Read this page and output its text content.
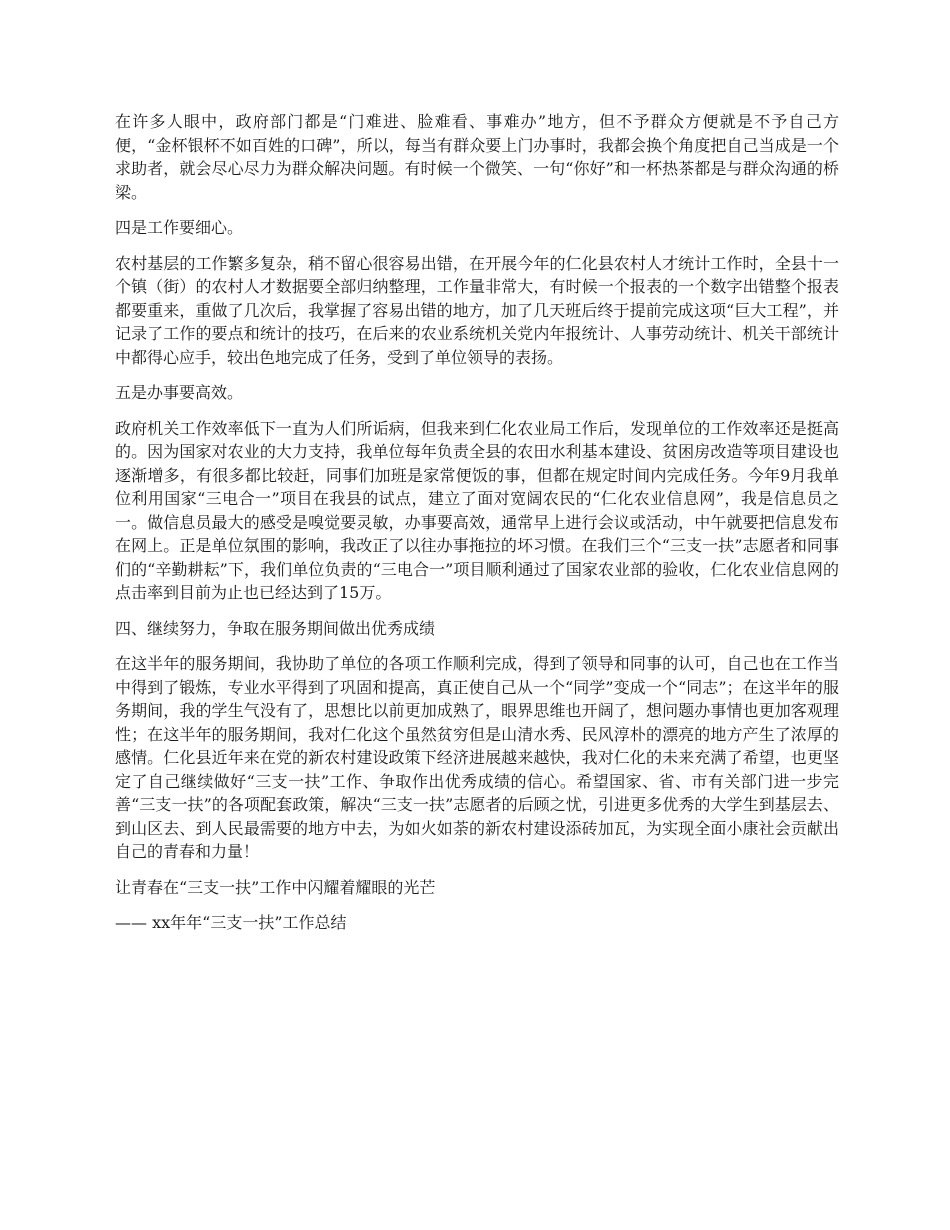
在许多人眼中，政府部门都是“门难进、脸难看、事难办”地方，但不予群众方便就是不予自己方便，“金杯银杯不如百姓的口碑”，所以，每当有群众要上门办事时，我都会换个角度把自己当成是一个求助者，就会尽心尽力为群众解决问题。有时候一个微笑、一句“你好”和一杯热茶都是与群众沟通的桥梁。

四是工作要细心。

农村基层的工作繁多复杂，稍不留心很容易出错，在开展今年的仁化县农村人才统计工作时，全县十一个镇（街）的农村人才数据要全部归纳整理，工作量非常大，有时候一个报表的一个数字出错整个报表都要重来，重做了几次后，我掌握了容易出错的地方，加了几天班后终于提前完成这项“巨大工程”，并记录了工作的要点和统计的技巧，在后来的农业系统机关党内年报统计、人事劳动统计、机关干部统计中都得心应手，较出色地完成了任务，受到了单位领导的表扬。

五是办事要高效。

政府机关工作效率低下一直为人们所诟病，但我来到仁化农业局工作后，发现单位的工作效率还是挺高的。因为国家对农业的大力支持，我单位每年负责全县的农田水利基本建设、贫困房改造等项目建设也逐渐增多，有很多都比较赶，同事们加班是家常便饭的事，但都在规定时间内完成任务。今年9月我单位利用国家“三电合一”项目在我县的试点，建立了面对宽阔农民的“仁化农业信息网”，我是信息员之一。做信息员最大的感受是嗅觉要灵敏，办事要高效，通常早上进行会议或活动，中午就要把信息发布在网上。正是单位氛围的影响，我改正了以往办事拖拉的坏习惯。在我们三个“三支一扶”志愿者和同事们的“辛勤耕耘”下，我们单位负责的“三电合一”项目顺利通过了国家农业部的验收，仁化农业信息网的点击率到目前为止也已经达到了15万。

四、继续努力，争取在服务期间做出优秀成绩

在这半年的服务期间，我协助了单位的各项工作顺利完成，得到了领导和同事的认可，自己也在工作当中得到了锻炼，专业水平得到了巩固和提高，真正使自己从一个“同学”变成一个“同志”；在这半年的服务期间，我的学生气没有了，思想比以前更加成熟了，眼界思维也开阔了，想问题办事情也更加客观理性；在这半年的服务期间，我对仁化这个虽然贫穷但是山清水秀、民风淳朴的漂亮的地方产生了浓厚的感情。仁化县近年来在党的新农村建设政策下经济进展越来越快，我对仁化的未来充满了希望，也更坚定了自己继续做好“三支一扶”工作、争取作出优秀成绩的信心。希望国家、省、市有关部门进一步完善“三支一扶”的各项配套政策，解决“三支一扶”志愿者的后顾之忧，引进更多优秀的大学生到基层去、到山区去、到人民最需要的地方中去，为如火如荼的新农村建设添砖加瓦，为实现全面小康社会贡献出自己的青春和力量！

让青春在“三支一扶”工作中闪耀着耀眼的光芒

—— xx年年“三支一扶”工作总结
